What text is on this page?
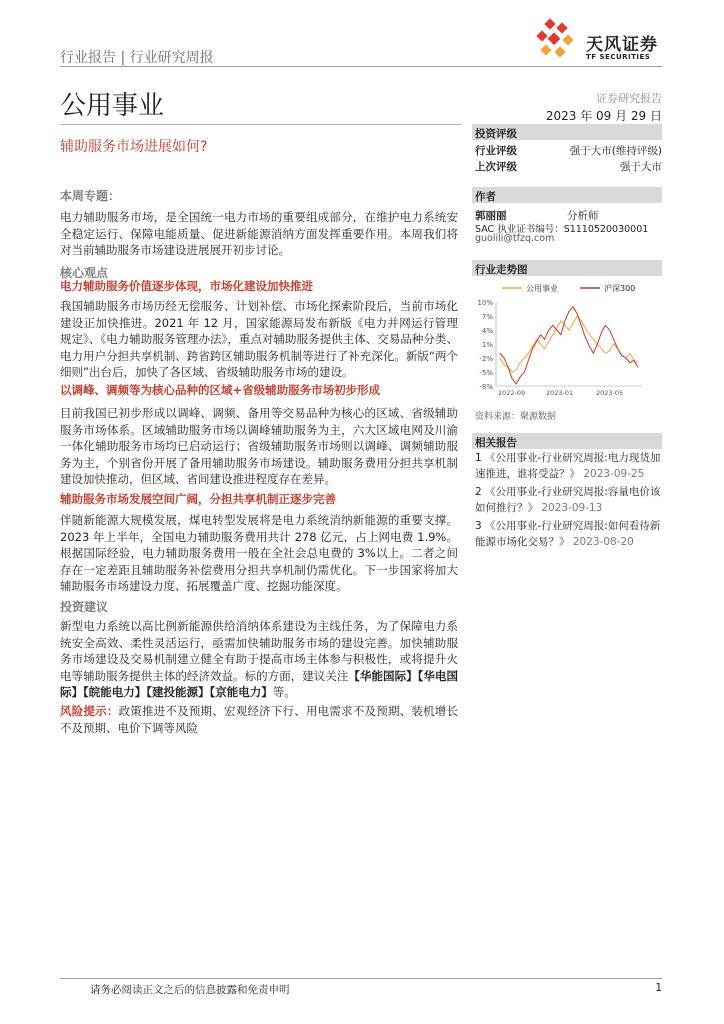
行业报告 | 行业研究周报
天风证券
TF SECURITIES
公用事业	证券研究报告
2023 年 09 月 29 日
辅助服务市场进展如何?
本周专题：
电力辅助服务市场，是全国统一电力市场的重要组成部分，在维护电力系统安全稳定运行、保障电能质量、促进新能源消纳方面发挥重要作用。本周我们将对当前辅助服务市场建设进展展开初步讨论。
核心观点
电力辅助服务价值逐步体现，市场化建设加快推进
我国辅助服务市场历经无偿服务、计划补偿、市场化探索阶段后，当前市场化建设正加快推进。2021 年 12 月，国家能源局发布新版《电力并网运行管理规定》、《电力辅助服务管理办法》，重点对辅助服务提供主体、交易品种分类、电力用户分担共享机制、跨省跨区辅助服务机制等进行了补充深化。新版“两个细则”出台后，加快了各区域、省级辅助服务市场的建设。
以调峰、调频等为核心品种的区域+省级辅助服务市场初步形成
目前我国已初步形成以调峰、调频、备用等交易品种为核心的区域、省级辅助服务市场体系。区域辅助服务市场以调峰辅助服务为主，六大区域电网及川渝一体化辅助服务市场均已启动运行；省级辅助服务市场则以调峰、调频辅助服务为主，个别省份开展了备用辅助服务市场建设。辅助服务费用分担共享机制建设加快推动，但区域、省间建设推进程度存在差异。
辅助服务市场发展空间广阔，分担共享机制正逐步完善
伴随新能源大规模发展，煤电转型发展将是电力系统消纳新能源的重要支撑。2023 年上半年，全国电力辅助服务费用共计 278 亿元，占上网电费 1.9%。根据国际经验，电力辅助服务费用一般在全社会总电费的 3%以上。二者之间存在一定差距且辅助服务补偿费用分担共享机制仍需优化。下一步国家将加大辅助服务市场建设力度、拓展覆盖广度、挖掘功能深度。
投资建议
新型电力系统以高比例新能源供给消纳体系建设为主线任务，为了保障电力系统安全高效、柔性灵活运行，亟需加快辅助服务市场的建设完善。加快辅助服务市场建设及交易机制建立健全有助于提高市场主体参与积极性，或将提升火电等辅助服务提供主体的经济效益。标的方面，建议关注【华能国际】【华电国际】【皖能电力】【建投能源】【京能电力】等。
风险提示：政策推进不及预期、宏观经济下行、用电需求不及预期、装机增长不及预期、电价下调等风险
投资评级
行业评级	强于大市(维持评级)
上次评级	强于大市
作者
郭丽丽	分析师
SAC 执业证书编号：S1110520030001
guolili@tfzq.com
行业走势图
公用事业	沪深300
10%
7%
4%
1%
-2%
-5%
-8%
2022-09	2023-01	2023-05
资料来源：聚源数据
相关报告
1 《公用事业-行业研究周报:电力现货加速推进，谁将受益？》 2023-09-25
2 《公用事业-行业研究周报:容量电价该如何推行？》 2023-09-13
3 《公用事业-行业研究周报:如何看待新能源市场化交易？》 2023-08-20
请务必阅读正文之后的信息披露和免责申明	1
